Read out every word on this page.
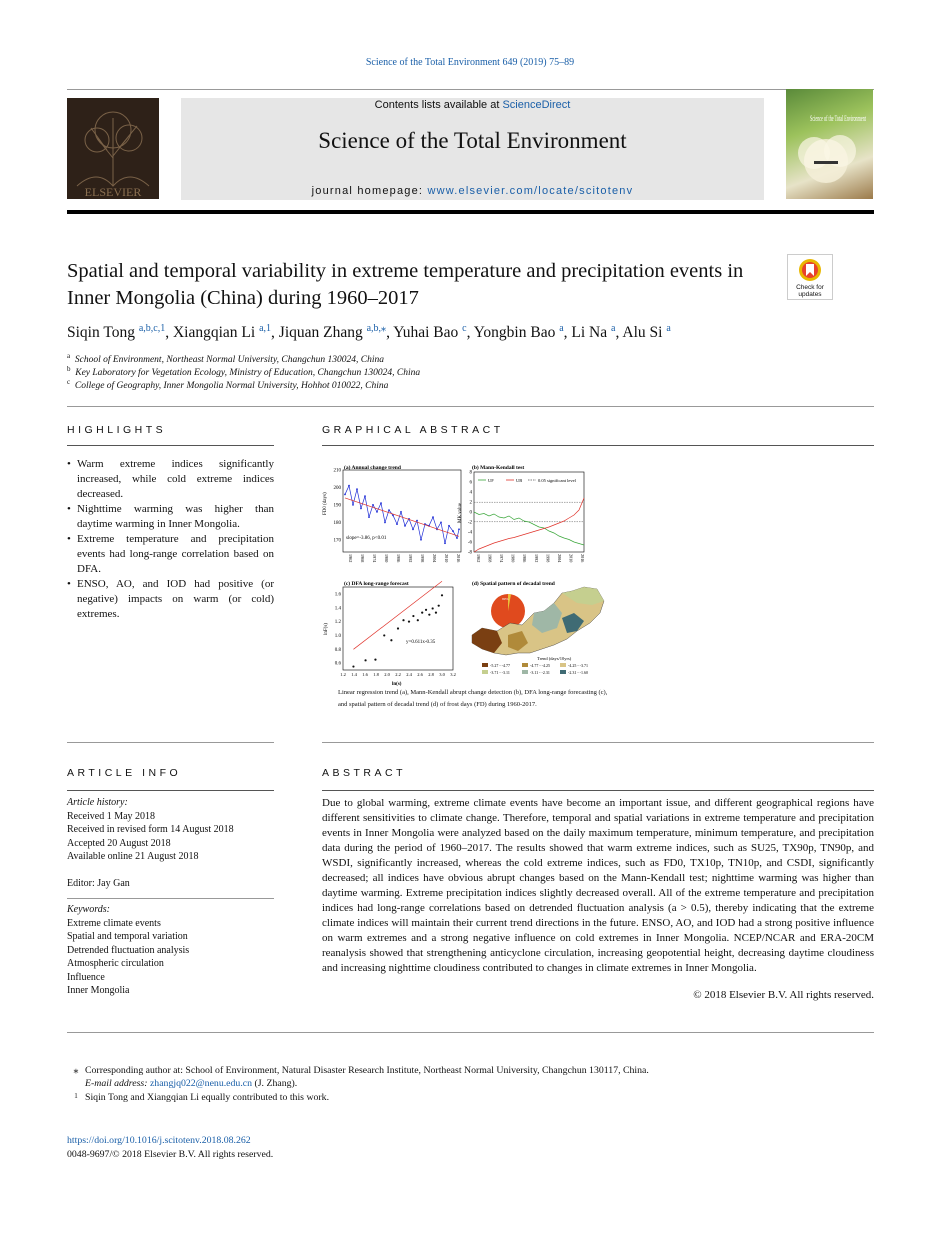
Science of the Total Environment 649 (2019) 75–89
ELSEVIER
Contents lists available at ScienceDirect
Science of the Total Environment
journal homepage: www.elsevier.com/locate/scitotenv
Science of the Total Environment
Spatial and temporal variability in extreme temperature and precipitation events in Inner Mongolia (China) during 1960–2017	Check for updates
Siqin Tong $^{a,b,c,1}$, Xiangqian Li $^{a,1}$, Jiquan Zhang $^{a,b,⁎}$, Yuhai Bao $^c$, Yongbin Bao $^a$, Li Na $^a$, Alu Si $^a$
$^a$ School of Environment, Northeast Normal University, Changchun 130024, China
$^b$ Key Laboratory for Vegetation Ecology, Ministry of Education, Changchun 130024, China
$^c$ College of Geography, Inner Mongolia Normal University, Hohhot 010022, China
HIGHLIGHTS
• Warm extreme indices significantly increased, while cold extreme indices decreased.
• Nighttime warming was higher than daytime warming in Inner Mongolia.
• Extreme temperature and precipitation events had long-range correlation based on DFA.
• ENSO, AO, and IOD had positive (or negative) impacts on warm (or cold) extremes.
GRAPHICAL ABSTRACT
(a) Annual change trend
FD0 (days)
slope=-3.86, p<0.01
170
180
190
200
210
1962 1968 1974 1980 1986 1992 1998 2004 2010 2016
(b) Mann-Kendall test
MK value
UF	UB	0.05 significant level
-8
-6
-4
-2
0
2
4
6
8
1962 1968 1974 1980 1986 1992 1998 2004 2010 2016
(c) DFA long-range forecast
lnF(s)
ln(s)
y=0.611x-0.35
0.6
0.8
1.0
1.2
1.4
1.6
1.2 1.4 1.6 1.8 2.0 2.2 2.4 2.6 2.8 3.0 3.2
(d) Spatial pattern of decadal trend
99%
Trend (days/10yrs)
-5.27 - -4.77	-4.77 - -4.25	-4.25 - -3.71
-3.71 - -3.11	-3.11 - -2.31	-2.31 - -1.60
Linear regression trend (a), Mann-Kendall abrupt change detection (b), DFA long-range forecasting (c), and spatial pattern of decadal trend (d) of frost days (FD) during 1960-2017.
ARTICLE INFO
Article history:
Received 1 May 2018
Received in revised form 14 August 2018
Accepted 20 August 2018
Available online 21 August 2018
Editor: Jay Gan
Keywords:
Extreme climate events
Spatial and temporal variation
Detrended fluctuation analysis
Atmospheric circulation
Influence
Inner Mongolia
ABSTRACT
Due to global warming, extreme climate events have become an important issue, and different geographical regions have different sensitivities to climate change. Therefore, temporal and spatial variations in extreme temperature and precipitation events in Inner Mongolia were analyzed based on the daily maximum temperature, minimum temperature, and precipitation data during the period of 1960–2017. The results showed that warm extreme indices, such as SU25, TX90p, TN90p, and WSDI, significantly increased, whereas the cold extreme indices, such as FD0, TX10p, TN10p, and CSDI, significantly decreased; all indices have obvious abrupt changes based on the Mann-Kendall test; nighttime warming was higher than daytime warming. Extreme precipitation indices slightly decreased overall. All of the extreme temperature and precipitation indices had long-range correlations based on detrended fluctuation analysis (a > 0.5), thereby indicating that the extreme climate indices will maintain their current trend directions in the future. ENSO, AO, and IOD had a strong positive influence on warm extremes and a strong negative influence on cold extremes in Inner Mongolia. NCEP/NCAR and ERA-20CM reanalysis showed that strengthening anticyclone circulation, increasing geopotential height, decreasing daytime cloudiness and increasing nighttime cloudiness contributed to changes in climate extremes in Inner Mongolia.
© 2018 Elsevier B.V. All rights reserved.
⁎ Corresponding author at: School of Environment, Natural Disaster Research Institute, Northeast Normal University, Changchun 130117, China.
E-mail address: zhangjq022@nenu.edu.cn (J. Zhang).
1 Siqin Tong and Xiangqian Li equally contributed to this work.
https://doi.org/10.1016/j.scitotenv.2018.08.262
0048-9697/© 2018 Elsevier B.V. All rights reserved.
